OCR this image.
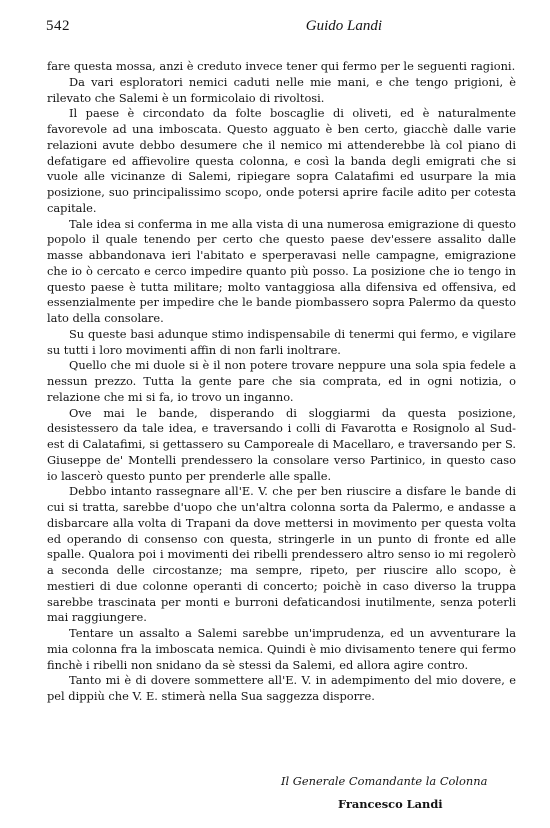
542	Guido Landi

fare questa mossa, anzi è creduto invece tener qui fermo per le seguenti ragioni.

Da vari esploratori nemici caduti nelle mie mani, e che tengo prigioni, è rilevato che Salemi è un formicolaio di rivoltosi.

Il paese è circondato da folte boscaglie di oliveti, ed è naturalmente favorevole ad una imboscata. Questo agguato è ben certo, giacchè dalle varie relazioni avute debbo desumere che il nemico mi attenderebbe là col piano di defatigare ed affievolire questa colonna, e così la banda degli emigrati che si vuole alle vicinanze di Salemi, ripiegare sopra Calatafimi ed usurpare la mia posizione, suo principalissimo scopo, onde potersi aprire facile adito per cotesta capitale.

Tale idea si conferma in me alla vista di una numerosa emigrazione di questo popolo il quale tenendo per certo che questo paese dev'essere assalito dalle masse abbandonava ieri l'abitato e sperperavasi nelle campagne, emigrazione che io ò cercato e cerco impedire quanto più posso. La posizione che io tengo in questo paese è tutta militare; molto vantaggiosa alla difensiva ed offensiva, ed essenzialmente per impedire che le bande piombassero sopra Palermo da questo lato della consolare.

Su queste basi adunque stimo indispensabile di tenermi qui fermo, e vigilare su tutti i loro movimenti affin di non farli inoltrare.

Quello che mi duole si è il non potere trovare neppure una sola spia fedele a nessun prezzo. Tutta la gente pare che sia comprata, ed in ogni notizia, o relazione che mi si fa, io trovo un inganno.

Ove mai le bande, disperando di sloggiarmi da questa posizione, desistessero da tale idea, e traversando i colli di Favarotta e Rosignolo al Sud-est di Calatafimi, si gettassero su Camporeale di Macellaro, e traversando per S. Giuseppe de' Montelli prendessero la consolare verso Partinico, in questo caso io lascerò questo punto per prenderle alle spalle.

Debbo intanto rassegnare all'E. V. che per ben riuscire a disfare le bande di cui si tratta, sarebbe d'uopo che un'altra colonna sorta da Palermo, e andasse a disbarcare alla volta di Trapani da dove mettersi in movimento per questa volta ed operando di consenso con questa, stringerle in un punto di fronte ed alle spalle. Qualora poi i movimenti dei ribelli prendessero altro senso io mi regolerò a seconda delle circostanze; ma sempre, ripeto, per riuscire allo scopo, è mestieri di due colonne operanti di concerto; poichè in caso diverso la truppa sarebbe trascinata per monti e burroni defaticandosi inutilmente, senza poterli mai raggiungere.

Tentare un assalto a Salemi sarebbe un'imprudenza, ed un avventurare la mia colonna fra la imboscata nemica. Quindi è mio divisamento tenere qui fermo finchè i ribelli non snidano da sè stessi da Salemi, ed allora agire contro.

Tanto mi è di dovere sommettere all'E. V. in adempimento del mio dovere, e pel dippiù che V. E. stimerà nella Sua saggezza disporre.

Il Generale Comandante la Colonna
Francesco Landi
